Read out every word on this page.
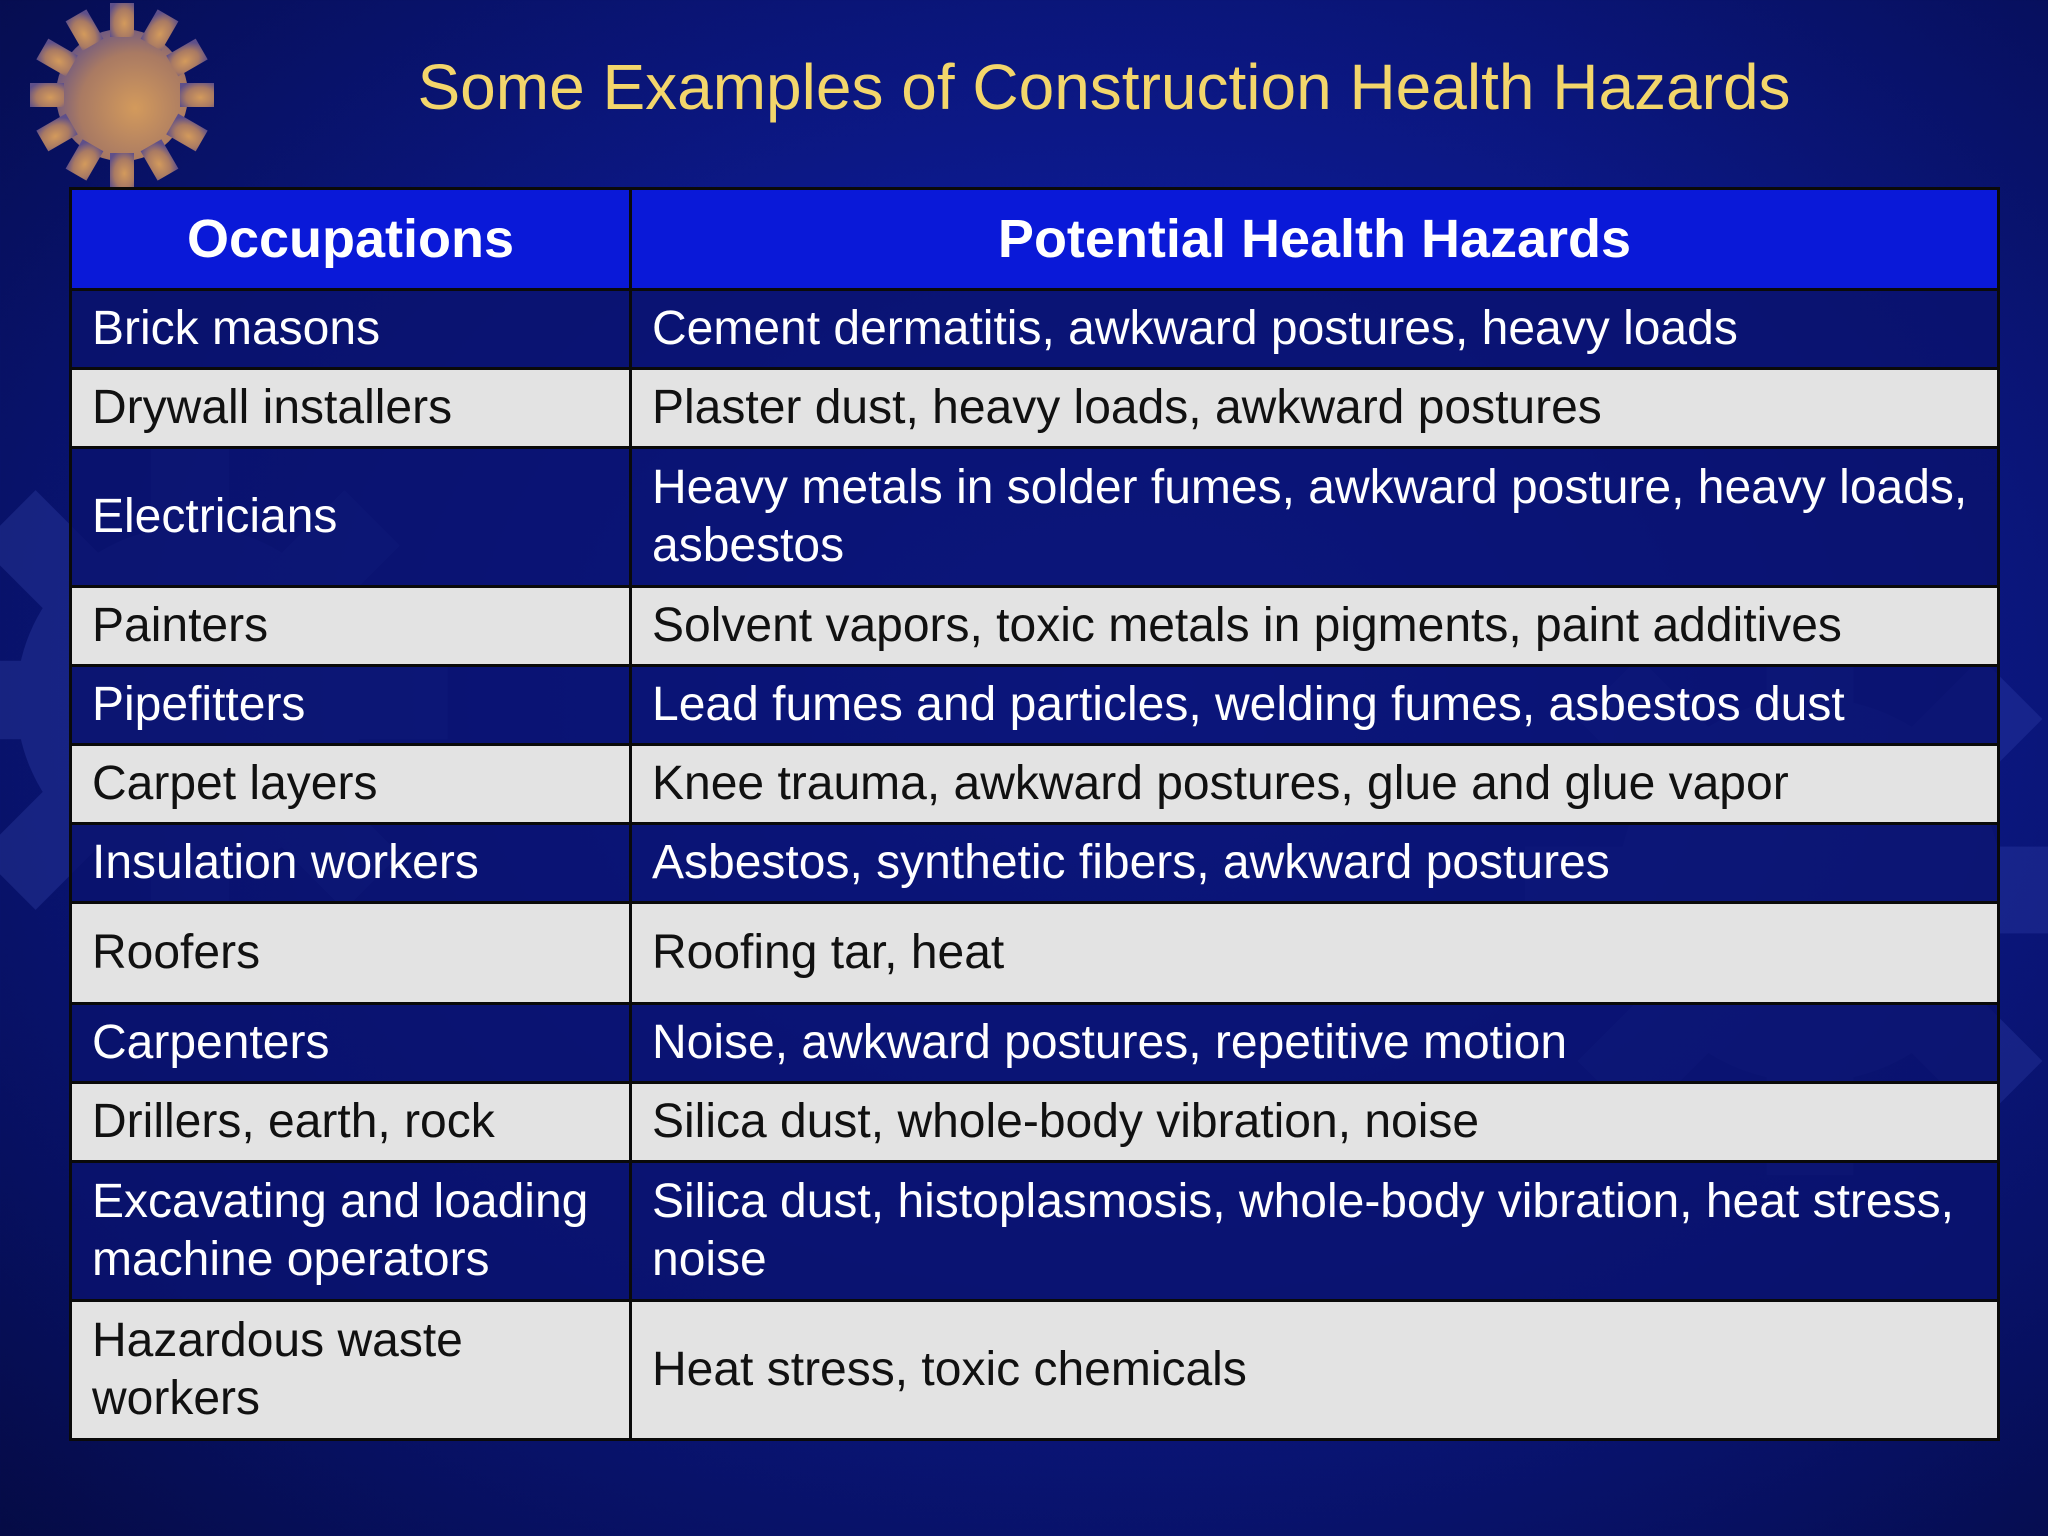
Some Examples of Construction Health Hazards
Occupations	Potential Health Hazards
Brick masons	Cement dermatitis, awkward postures, heavy loads
Drywall installers	Plaster dust, heavy loads, awkward postures
Electricians	Heavy metals in solder fumes, awkward posture, heavy loads, asbestos
Painters	Solvent vapors, toxic metals in pigments, paint additives
Pipefitters	Lead fumes and particles, welding fumes, asbestos dust
Carpet layers	Knee trauma, awkward postures, glue and glue vapor
Insulation workers	Asbestos, synthetic fibers, awkward postures
Roofers	Roofing tar, heat
Carpenters	Noise, awkward postures, repetitive motion
Drillers, earth, rock	Silica dust, whole-body vibration, noise
Excavating and loading machine operators	Silica dust, histoplasmosis, whole-body vibration, heat stress, noise
Hazardous waste workers	Heat stress, toxic chemicals
